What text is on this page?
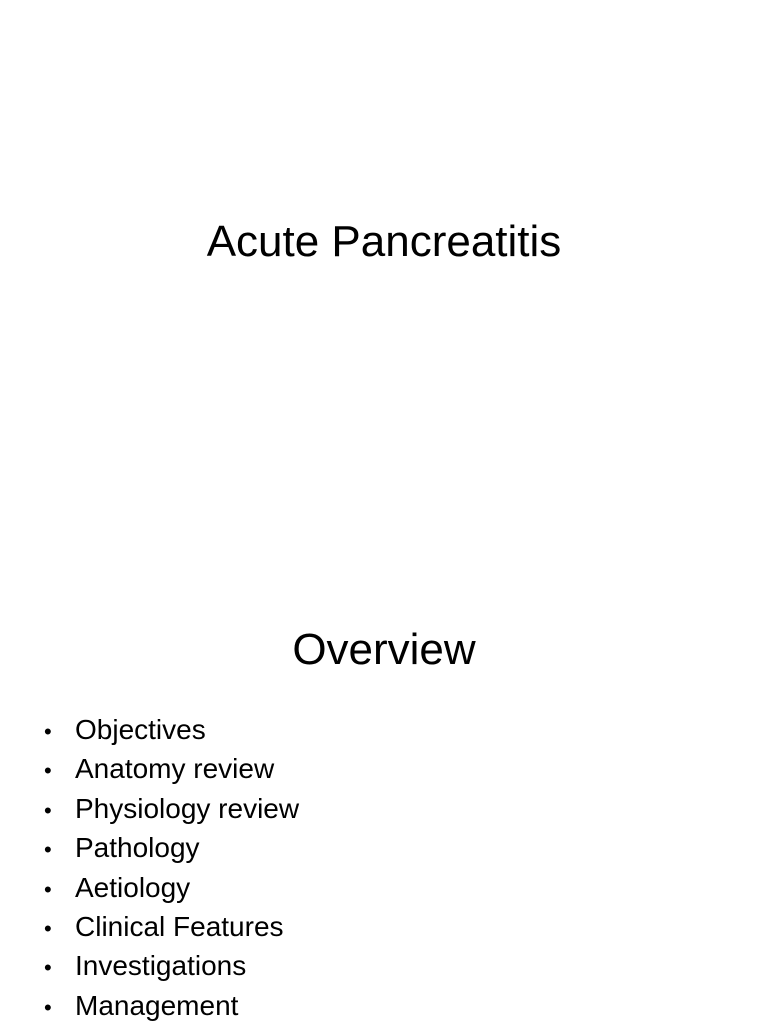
Acute Pancreatitis
Overview
• Objectives
• Anatomy review
• Physiology review
• Pathology
• Aetiology
• Clinical Features
• Investigations
• Management
